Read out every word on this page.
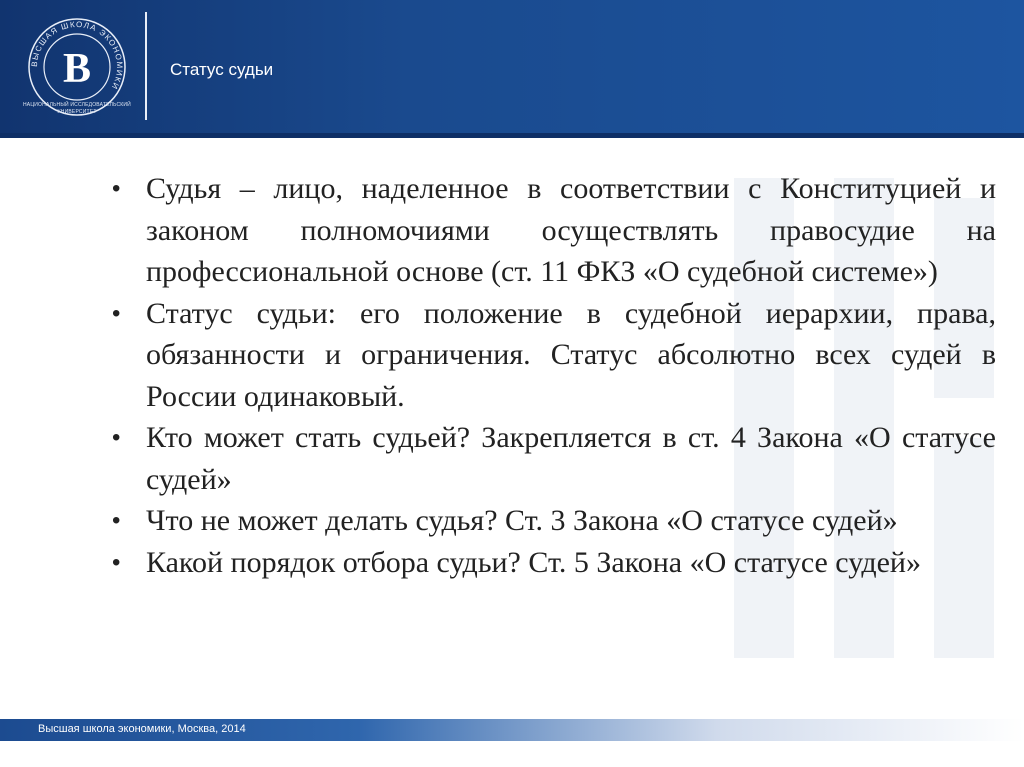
ВЫСШАЯ ШКОЛА ЭКОНОМИКИ
В
НАЦИОНАЛЬНЫЙ ИССЛЕДОВАТЕЛЬСКИЙ УНИВЕРСИТЕТ
Статус судьи
• Судья – лицо, наделенное в соответствии с Конституцией и законом полномочиями осуществлять правосудие на профессиональной основе (ст. 11 ФКЗ «О судебной системе»)
• Статус судьи: его положение в судебной иерархии, права, обязанности и ограничения. Статус абсолютно всех судей в России одинаковый.
• Кто может стать судьей? Закрепляется в ст. 4 Закона «О статусе судей»
• Что не может делать судья? Ст. 3 Закона «О статусе судей»
• Какой порядок отбора судьи? Ст. 5 Закона «О статусе судей»
Высшая школа экономики, Москва, 2014
